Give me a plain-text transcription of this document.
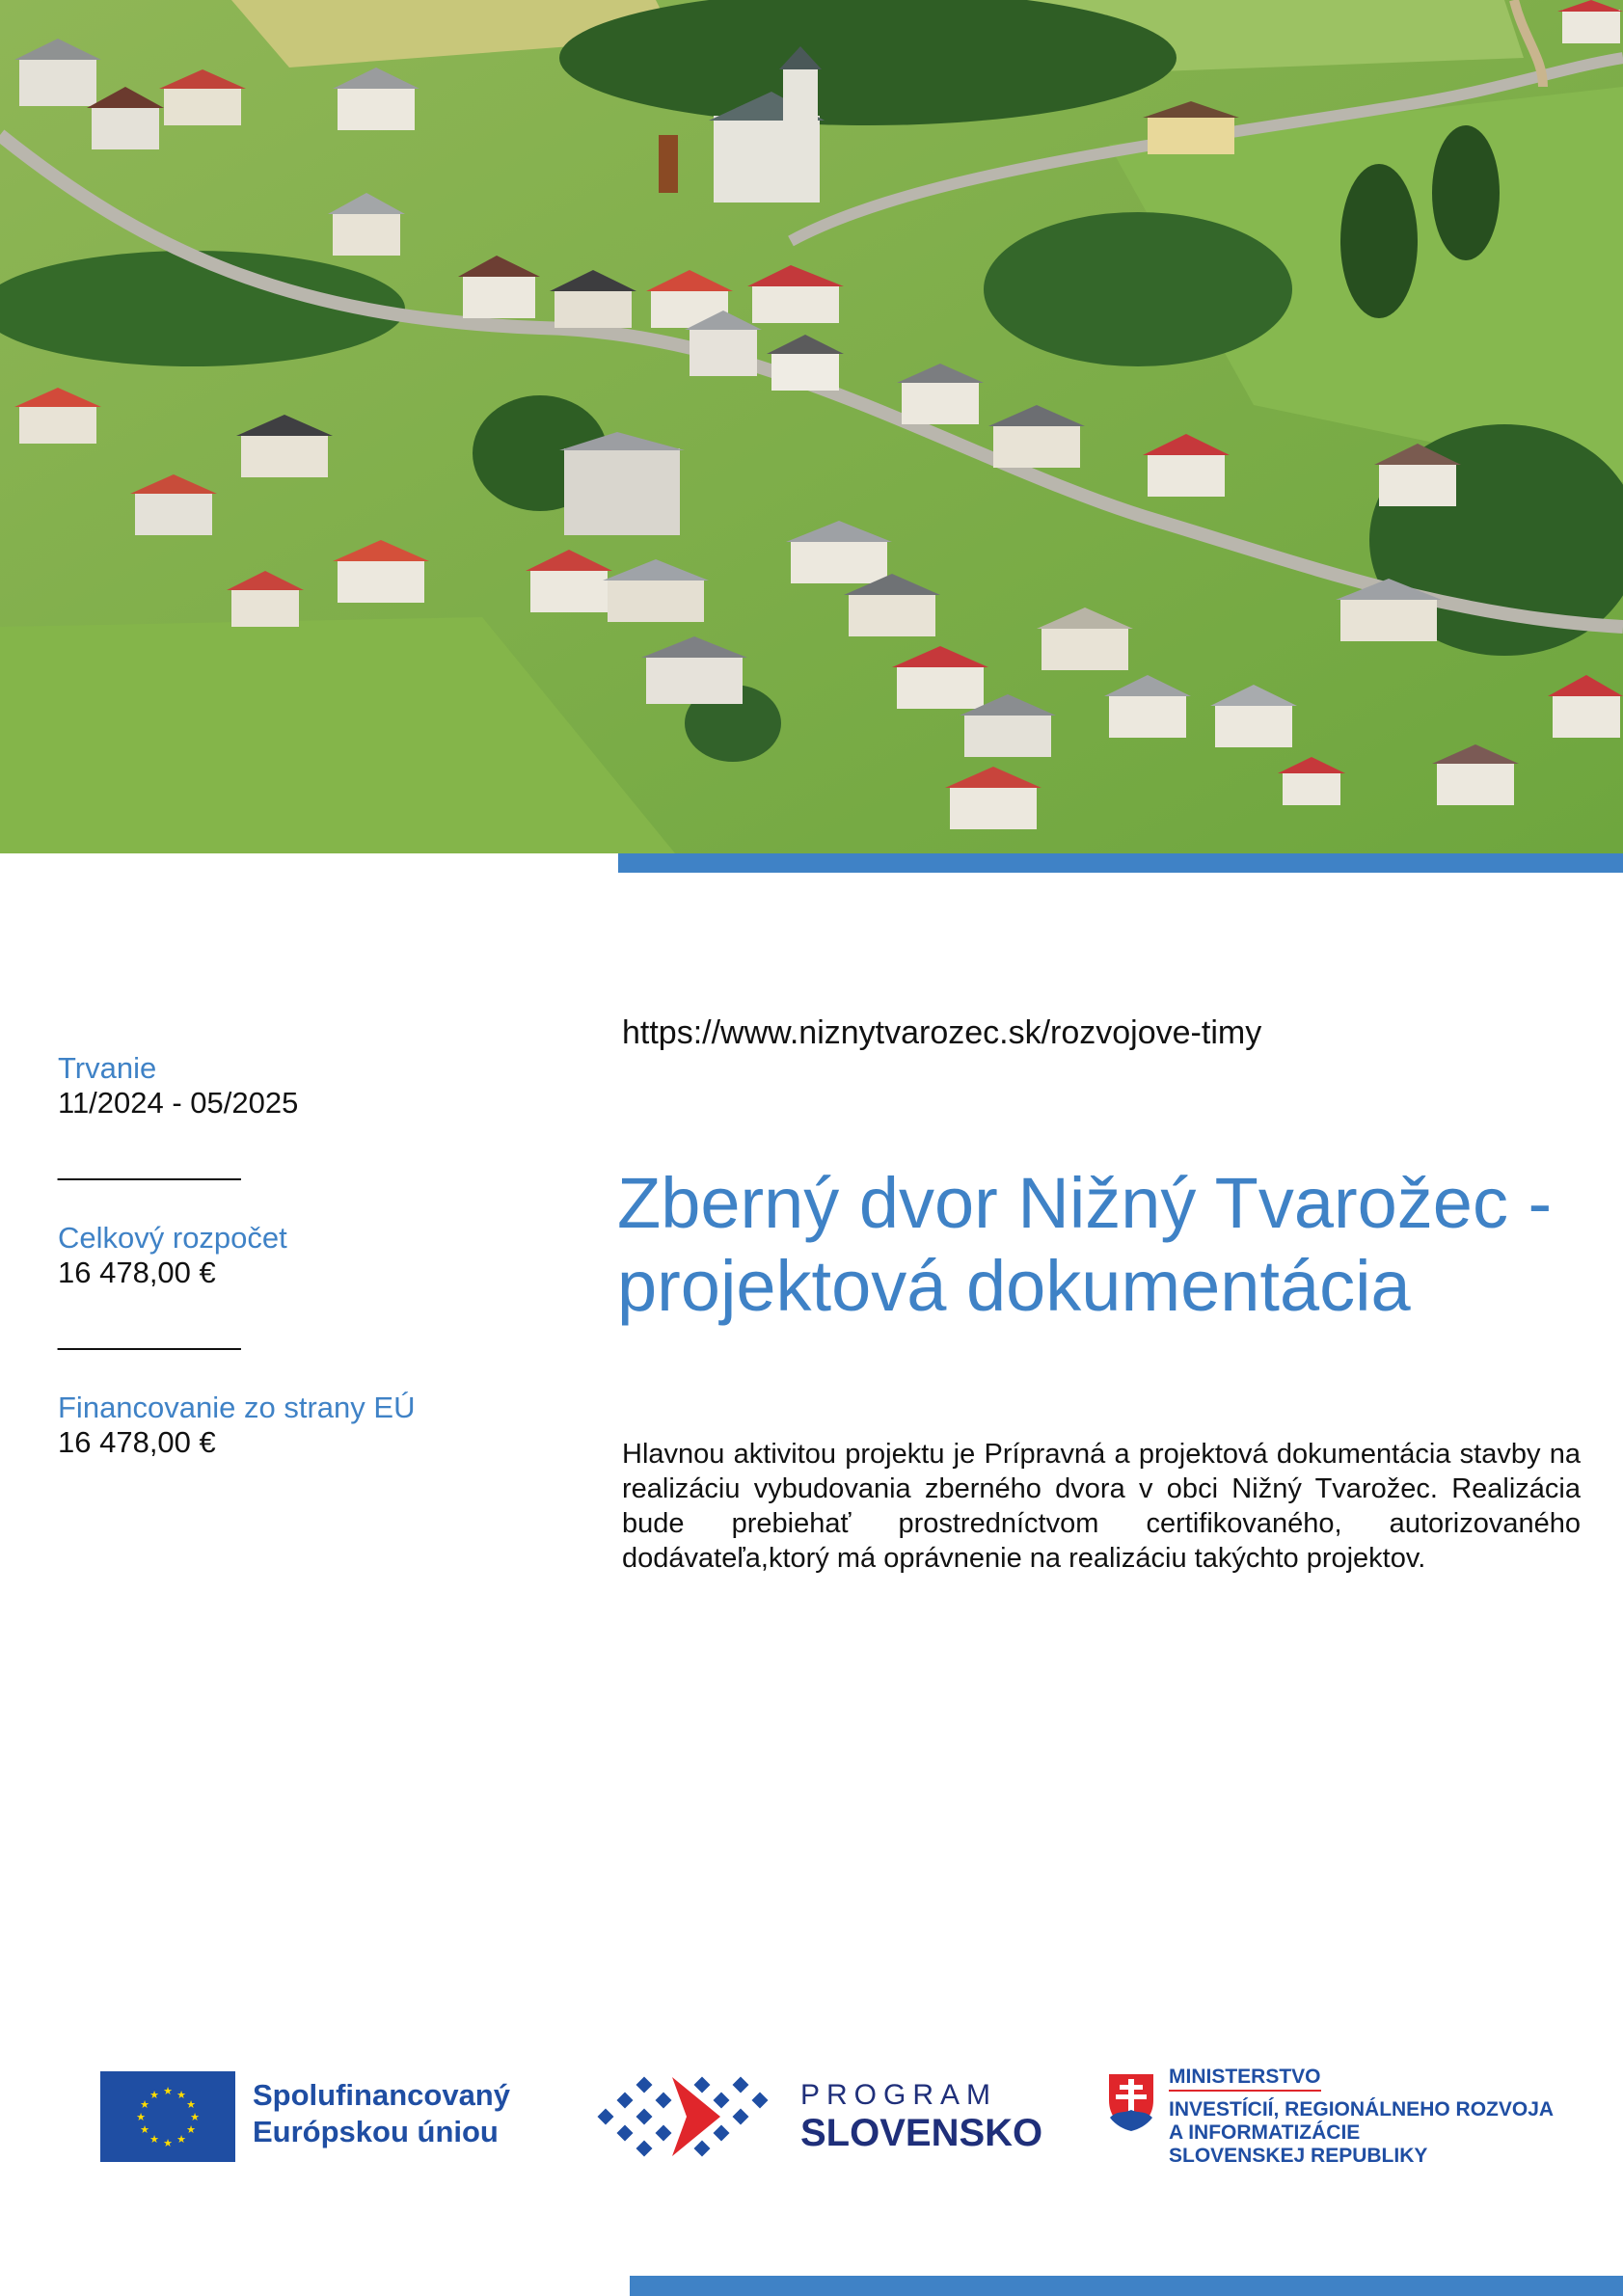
Trvanie
11/2024 - 05/2025
___________
Celkový rozpočet
16 478,00 €
___________
Financovanie zo strany EÚ
16 478,00 €
https://www.niznytvarozec.sk/rozvojove-timy
Zberný dvor Nižný Tvarožec -
projektová dokumentácia

Hlavnou aktivitou projektu je Prípravná a projektová dokumentácia stavby na realizáciu vybudovania zberného dvora v obci Nižný Tvarožec. Realizácia bude prebiehať prostredníctvom certifikovaného, autorizovaného dodávateľa,ktorý má oprávnenie na realizáciu takýchto projektov.

★ ★
★
★
★
★
★
★
★
★
★
★	Spolufinancovaný
Európskou úniou
PROGRAM
SLOVENSKO
MINISTERSTVO
INVESTÍCIÍ, REGIONÁLNEHO ROZVOJA
A INFORMATIZÁCIE
SLOVENSKEJ REPUBLIKY
